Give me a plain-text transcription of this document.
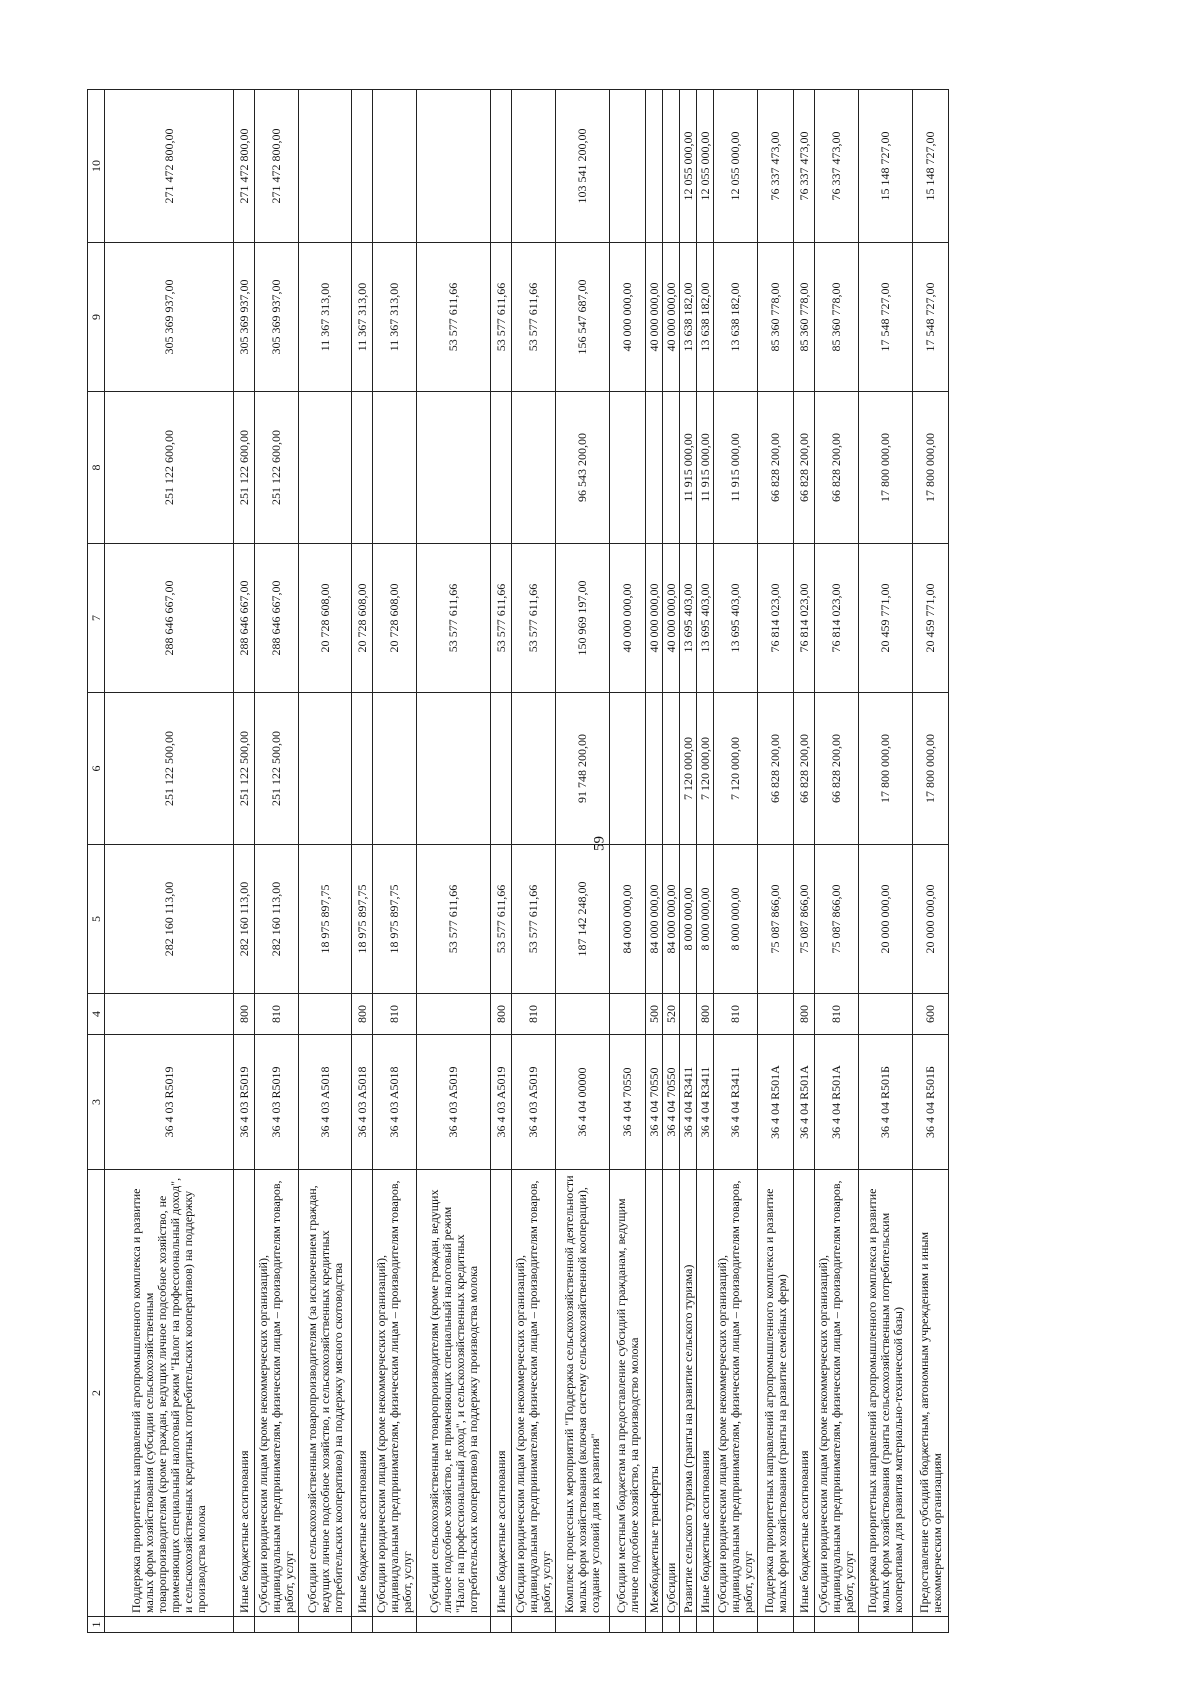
59
1	2	3	4	5	6	7	8	9	10
	Поддержка приоритетных направлений агропромышленного комплекса и развитие малых форм хозяйствования (субсидии сельскохозяйственным товаропроизводителям (кроме граждан, ведущих личное подсобное хозяйство, не применяющих специальный налоговый режим "Налог на профессиональный доход", и сельскохозяйственных кредитных потребительских кооперативов) на поддержку производства молока	36 4 03 R5019		282 160 113,00	251 122 500,00	288 646 667,00	251 122 600,00	305 369 937,00	271 472 800,00
	Иные бюджетные ассигнования	36 4 03 R5019	800	282 160 113,00	251 122 500,00	288 646 667,00	251 122 600,00	305 369 937,00	271 472 800,00
	Субсидии юридическим лицам (кроме некоммерческих организаций), индивидуальным предпринимателям, физическим лицам – производителям товаров, работ, услуг	36 4 03 R5019	810	282 160 113,00	251 122 500,00	288 646 667,00	251 122 600,00	305 369 937,00	271 472 800,00
	Субсидии сельскохозяйственным товаропроизводителям (за исключением граждан, ведущих личное подсобное хозяйство, и сельскохозяйственных кредитных потребительских кооперативов) на поддержку мясного скотоводства	36 4 03 A5018		18 975 897,75		20 728 608,00		11 367 313,00	
	Иные бюджетные ассигнования	36 4 03 A5018	800	18 975 897,75		20 728 608,00		11 367 313,00	
	Субсидии юридическим лицам (кроме некоммерческих организаций), индивидуальным предпринимателям, физическим лицам – производителям товаров, работ, услуг	36 4 03 A5018	810	18 975 897,75		20 728 608,00		11 367 313,00	
	Субсидии сельскохозяйственным товаропроизводителям (кроме граждан, ведущих личное подсобное хозяйство, не применяющих специальный налоговый режим "Налог на профессиональный доход", и сельскохозяйственных кредитных потребительских кооперативов) на поддержку производства молока	36 4 03 A5019		53 577 611,66		53 577 611,66		53 577 611,66	
	Иные бюджетные ассигнования	36 4 03 A5019	800	53 577 611,66		53 577 611,66		53 577 611,66	
	Субсидии юридическим лицам (кроме некоммерческих организаций), индивидуальным предпринимателям, физическим лицам – производителям товаров, работ, услуг	36 4 03 A5019	810	53 577 611,66		53 577 611,66		53 577 611,66	
	Комплекс процессных мероприятий "Поддержка сельскохозяйственной деятельности малых форм хозяйствования (включая систему сельскохозяйственной кооперации), создание условий для их развития"	36 4 04 00000		187 142 248,00	91 748 200,00	150 969 197,00	96 543 200,00	156 547 687,00	103 541 200,00
	Субсидии местным бюджетам на предоставление субсидий гражданам, ведущим личное подсобное хозяйство, на производство молока	36 4 04 70550		84 000 000,00		40 000 000,00		40 000 000,00	
	Межбюджетные трансферты	36 4 04 70550	500	84 000 000,00		40 000 000,00		40 000 000,00	
	Субсидии	36 4 04 70550	520	84 000 000,00		40 000 000,00		40 000 000,00	
	Развитие сельского туризма (гранты на развитие сельского туризма)	36 4 04 R3411		8 000 000,00	7 120 000,00	13 695 403,00	11 915 000,00	13 638 182,00	12 055 000,00
	Иные бюджетные ассигнования	36 4 04 R3411	800	8 000 000,00	7 120 000,00	13 695 403,00	11 915 000,00	13 638 182,00	12 055 000,00
	Субсидии юридическим лицам (кроме некоммерческих организаций), индивидуальным предпринимателям, физическим лицам – производителям товаров, работ, услуг	36 4 04 R3411	810	8 000 000,00	7 120 000,00	13 695 403,00	11 915 000,00	13 638 182,00	12 055 000,00
	Поддержка приоритетных направлений агропромышленного комплекса и развитие малых форм хозяйствования (гранты на развитие семейных ферм)	36 4 04 R501A		75 087 866,00	66 828 200,00	76 814 023,00	66 828 200,00	85 360 778,00	76 337 473,00
	Иные бюджетные ассигнования	36 4 04 R501A	800	75 087 866,00	66 828 200,00	76 814 023,00	66 828 200,00	85 360 778,00	76 337 473,00
	Субсидии юридическим лицам (кроме некоммерческих организаций), индивидуальным предпринимателям, физическим лицам – производителям товаров, работ, услуг	36 4 04 R501A	810	75 087 866,00	66 828 200,00	76 814 023,00	66 828 200,00	85 360 778,00	76 337 473,00
	Поддержка приоритетных направлений агропромышленного комплекса и развитие малых форм хозяйствования (гранты сельскохозяйственным потребительским кооперативам для развития материально-технической базы)	36 4 04 R501Б		20 000 000,00	17 800 000,00	20 459 771,00	17 800 000,00	17 548 727,00	15 148 727,00
	Предоставление субсидий бюджетным, автономным учреждениям и иным некоммерческим организациям	36 4 04 R501Б	600	20 000 000,00	17 800 000,00	20 459 771,00	17 800 000,00	17 548 727,00	15 148 727,00
